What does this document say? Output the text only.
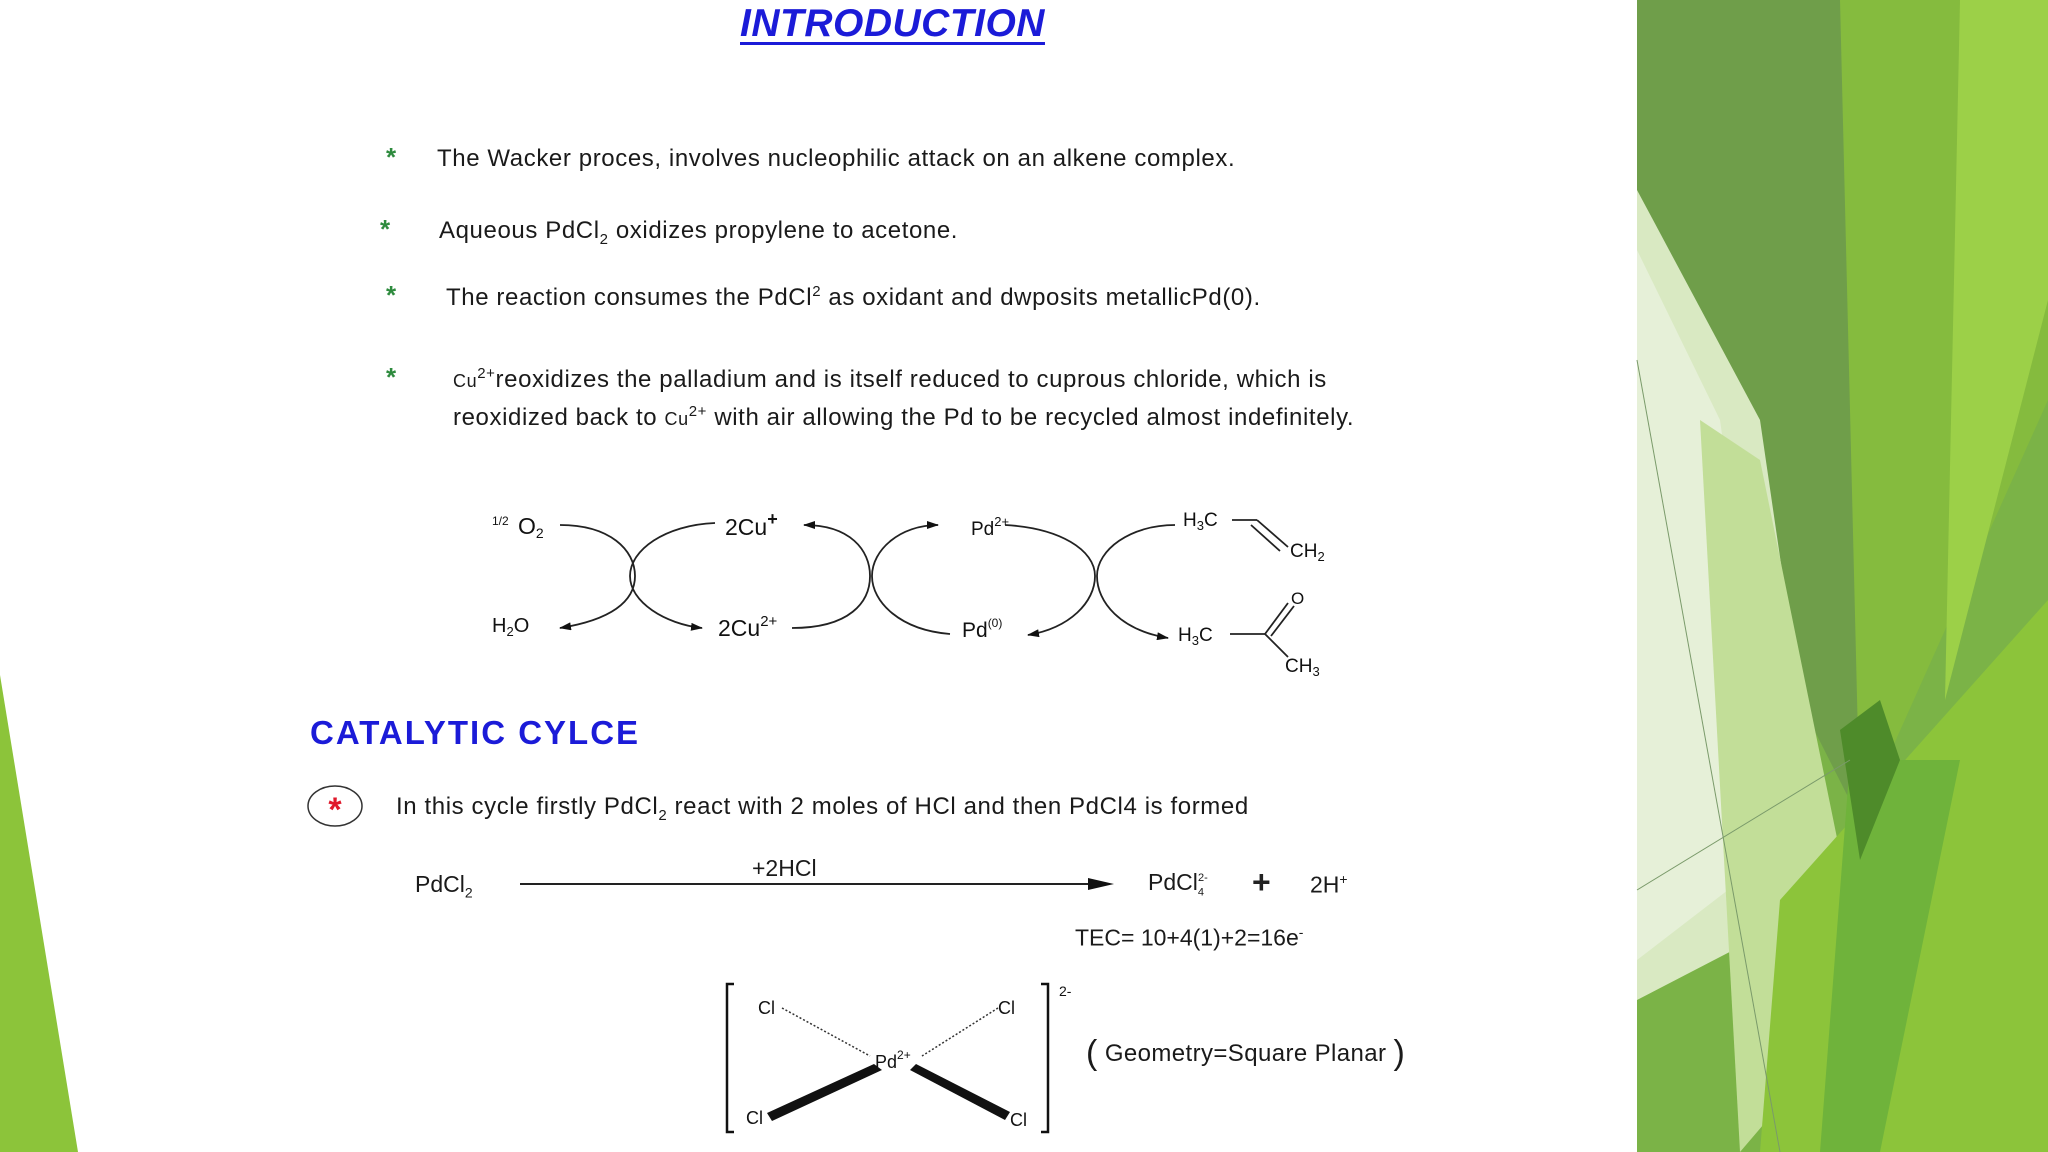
INTRODUCTION
* The Wacker proces, involves nucleophilic attack on an alkene complex.
* Aqueous PdCl$_2$ oxidizes propylene to acetone.
* The reaction consumes the PdCl$^2$ as oxidant and dwposits metallicPd(0).
*	$Cu^{2+}reoxidizes$ the palladium and is itself reduced to cuprous chloride, which is
reoxidized back to $Cu^{2+}$ with air allowing the Pd to be recycled almost indefinitely.
1/2 O2
$H_2O$
2Cu+
$2Cu^{2+}$
$Pd^{2+}$
Pd$^{(0)}$
$H_3C$
$CH_2$
O
$H_3C$
$CH_3$
CATALYTIC CYLCE
* In this cycle firstly PdCl$_2$ react with 2 moles of HCl and then PdCl4 is formed
PdCl$_2$
+2HCl
PdCl$_4^{2-}$ + 2H+
TEC= 10+4(1)+2=16e-
Cl	Cl
Cl	Cl
$Pd^{2+}$
2-
( Geometry=Square Planar )
